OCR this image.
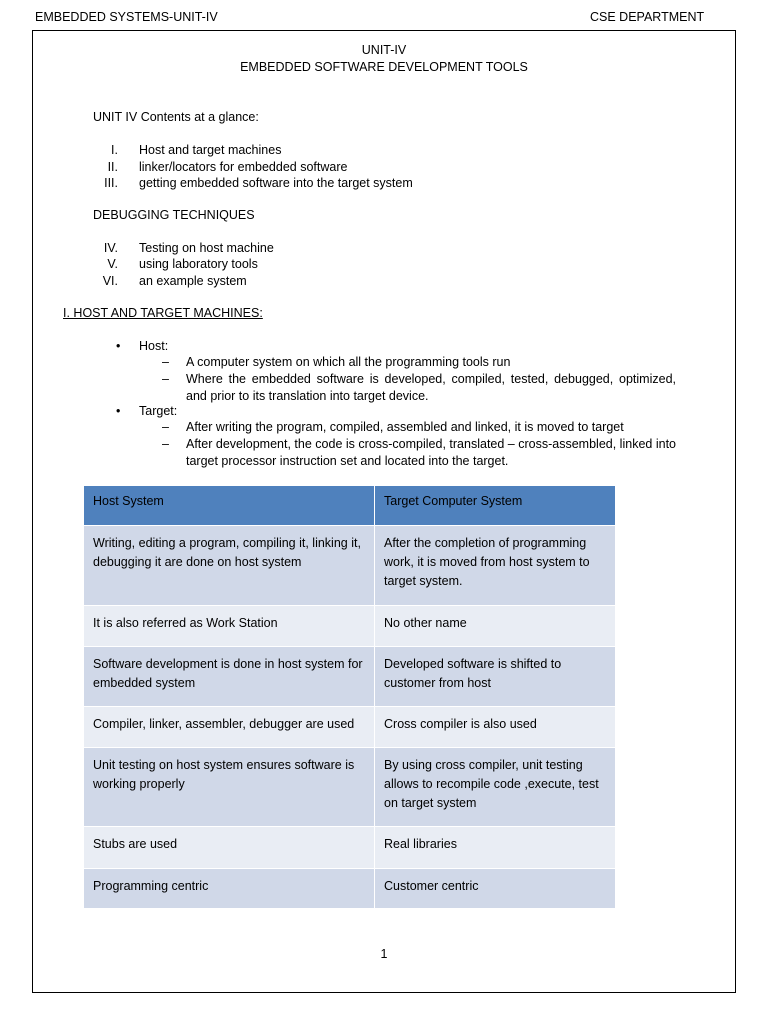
EMBEDDED SYSTEMS-UNIT-IV	CSE DEPARTMENT
UNIT-IV
EMBEDDED SOFTWARE DEVELOPMENT TOOLS
UNIT IV Contents at a glance:
I. Host and target machines
II. linker/locators for embedded software
III. getting embedded software into the target system
DEBUGGING TECHNIQUES
IV. Testing on host machine
V. using laboratory tools
VI. an example system
I. HOST AND TARGET MACHINES:
• Host:
– A computer system on which all the programming tools run
– Where the embedded software is developed, compiled, tested, debugged, optimized, and prior to its translation into target device.
• Target:
– After writing the program, compiled, assembled and linked, it is moved to target
– After development, the code is cross-compiled, translated – cross-assembled, linked into target processor instruction set and located into the target.
Host System	Target Computer System
Writing, editing a program, compiling it, linking it, debugging it are done on host system	After the completion of programming work, it is moved from host system to target system.
It is also referred as Work Station	No other name
Software development is done in host system for embedded system	Developed software is shifted to customer from host
Compiler, linker, assembler, debugger are used	Cross compiler is also used
Unit testing on host system ensures software is working properly	By using cross compiler, unit testing allows to recompile code ,execute, test on target system
Stubs are used	Real libraries
Programming centric	Customer centric
1
